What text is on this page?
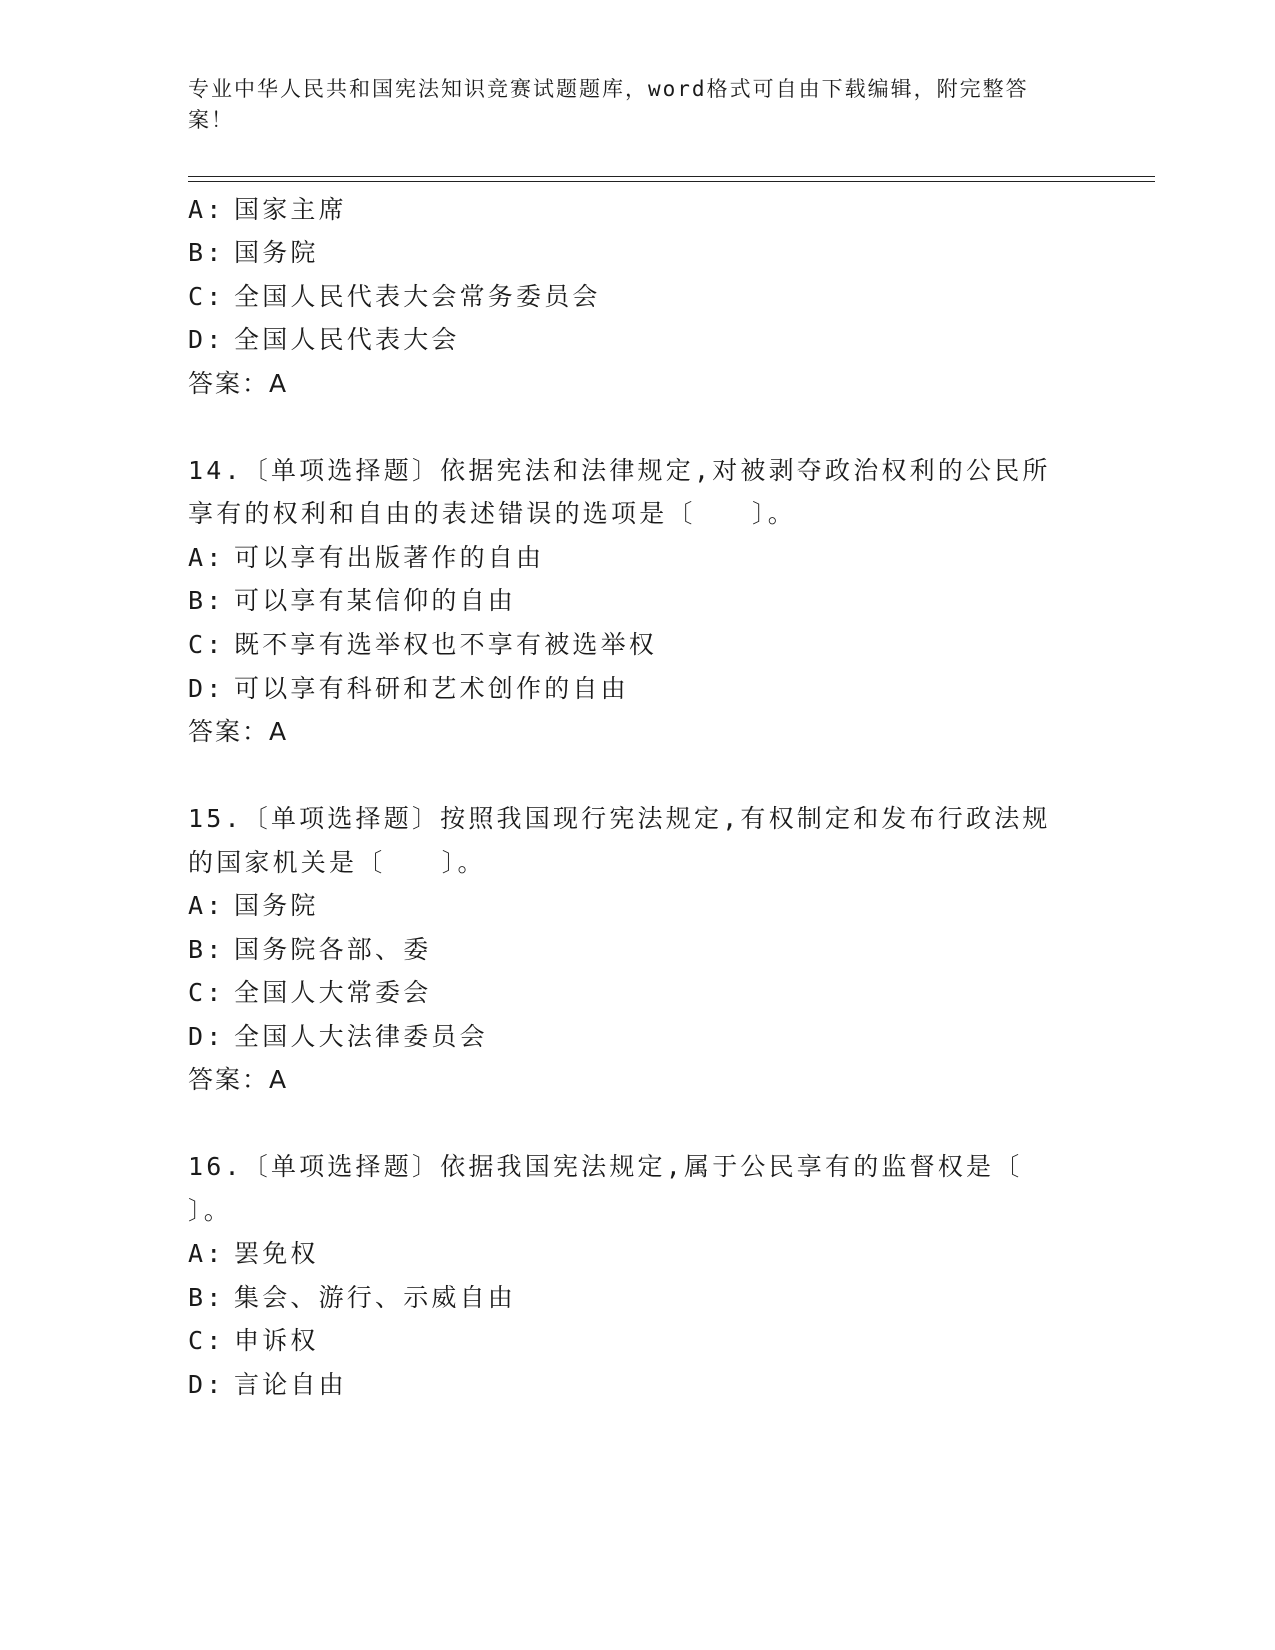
专业中华人民共和国宪法知识竞赛试题题库，word格式可自由下载编辑，附完整答案！
A: 国家主席
B: 国务院
C: 全国人民代表大会常务委员会
D: 全国人民代表大会
答案：A
14.〔单项选择题〕依据宪法和法律规定,对被剥夺政治权利的公民所
享有的权利和自由的表述错误的选项是〔　　〕。
A: 可以享有出版著作的自由
B: 可以享有某信仰的自由
C: 既不享有选举权也不享有被选举权
D: 可以享有科研和艺术创作的自由
答案：A
15.〔单项选择题〕按照我国现行宪法规定,有权制定和发布行政法规
的国家机关是〔　　〕。
A: 国务院
B: 国务院各部、委
C: 全国人大常委会
D: 全国人大法律委员会
答案：A
16.〔单项选择题〕依据我国宪法规定,属于公民享有的监督权是〔
〕。
A: 罢免权
B: 集会、游行、示威自由
C: 申诉权
D: 言论自由
